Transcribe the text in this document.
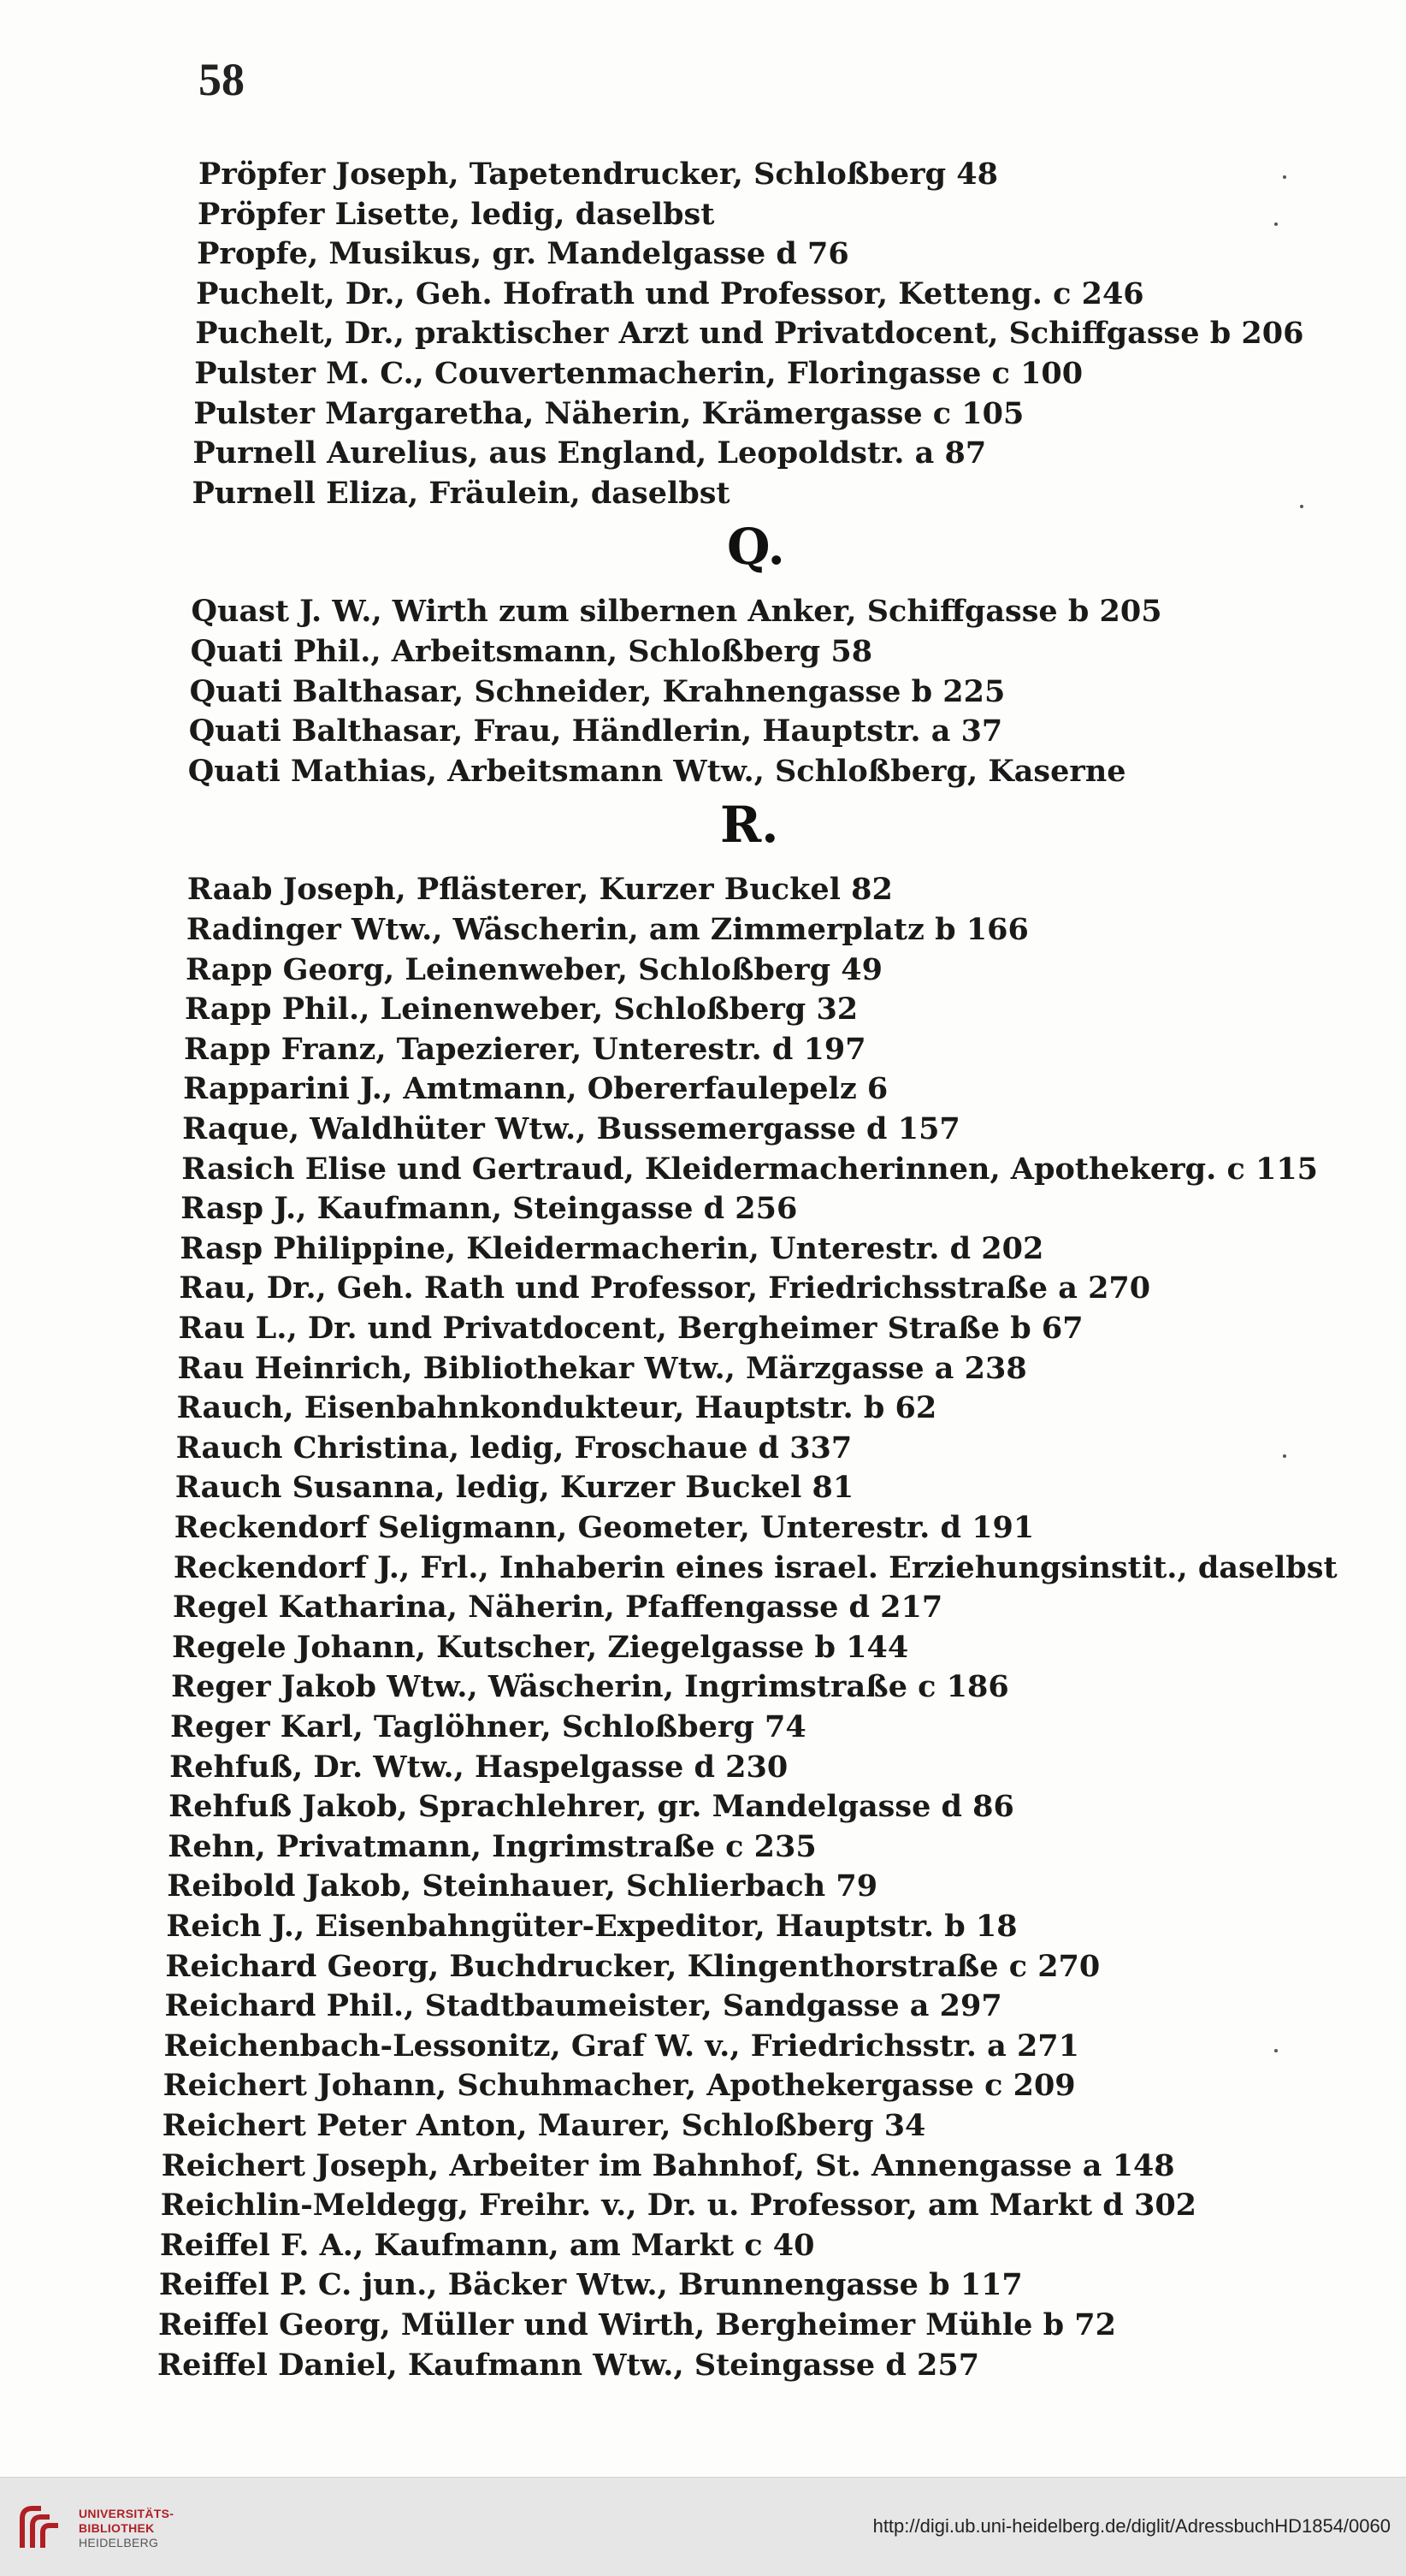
58
Pröpfer Joseph, Tapetendrucker, Schloßberg 48
Pröpfer Lisette, ledig, daselbst
Propfe, Musikus, gr. Mandelgasse d 76
Puchelt, Dr., Geh. Hofrath und Professor, Ketteng. c 246
Puchelt, Dr., praktischer Arzt und Privatdocent, Schiffgasse b 206
Pulster M. C., Couvertenmacherin, Floringasse c 100
Pulster Margaretha, Näherin, Krämergasse c 105
Purnell Aurelius, aus England, Leopoldstr. a 87
Purnell Eliza, Fräulein, daselbst
Q.
Quast J. W., Wirth zum silbernen Anker, Schiffgasse b 205
Quati Phil., Arbeitsmann, Schloßberg 58
Quati Balthasar, Schneider, Krahnengasse b 225
Quati Balthasar, Frau, Händlerin, Hauptstr. a 37
Quati Mathias, Arbeitsmann Wtw., Schloßberg, Kaserne
R.
Raab Joseph, Pflästerer, Kurzer Buckel 82
Radinger Wtw., Wäscherin, am Zimmerplatz b 166
Rapp Georg, Leinenweber, Schloßberg 49
Rapp Phil., Leinenweber, Schloßberg 32
Rapp Franz, Tapezierer, Unterestr. d 197
Rapparini J., Amtmann, Obererfaulepelz 6
Raque, Waldhüter Wtw., Bussemergasse d 157
Rasich Elise und Gertraud, Kleidermacherinnen, Apothekerg. c 115
Rasp J., Kaufmann, Steingasse d 256
Rasp Philippine, Kleidermacherin, Unterestr. d 202
Rau, Dr., Geh. Rath und Professor, Friedrichsstraße a 270
Rau L., Dr. und Privatdocent, Bergheimer Straße b 67
Rau Heinrich, Bibliothekar Wtw., Märzgasse a 238
Rauch, Eisenbahnkondukteur, Hauptstr. b 62
Rauch Christina, ledig, Froschaue d 337
Rauch Susanna, ledig, Kurzer Buckel 81
Reckendorf Seligmann, Geometer, Unterestr. d 191
Reckendorf J., Frl., Inhaberin eines israel. Erziehungsinstit., daselbst
Regel Katharina, Näherin, Pfaffengasse d 217
Regele Johann, Kutscher, Ziegelgasse b 144
Reger Jakob Wtw., Wäscherin, Ingrimstraße c 186
Reger Karl, Taglöhner, Schloßberg 74
Rehfuß, Dr. Wtw., Haspelgasse d 230
Rehfuß Jakob, Sprachlehrer, gr. Mandelgasse d 86
Rehn, Privatmann, Ingrimstraße c 235
Reibold Jakob, Steinhauer, Schlierbach 79
Reich J., Eisenbahngüter-Expeditor, Hauptstr. b 18
Reichard Georg, Buchdrucker, Klingenthorstraße c 270
Reichard Phil., Stadtbaumeister, Sandgasse a 297
Reichenbach-Lessonitz, Graf W. v., Friedrichsstr. a 271
Reichert Johann, Schuhmacher, Apothekergasse c 209
Reichert Peter Anton, Maurer, Schloßberg 34
Reichert Joseph, Arbeiter im Bahnhof, St. Annengasse a 148
Reichlin-Meldegg, Freihr. v., Dr. u. Professor, am Markt d 302
Reiffel F. A., Kaufmann, am Markt c 40
Reiffel P. C. jun., Bäcker Wtw., Brunnengasse b 117
Reiffel Georg, Müller und Wirth, Bergheimer Mühle b 72
Reiffel Daniel, Kaufmann Wtw., Steingasse d 257
UNIVERSITÄTS-
BIBLIOTHEK
HEIDELBERG
http://digi.ub.uni-heidelberg.de/diglit/AdressbuchHD1854/0060
